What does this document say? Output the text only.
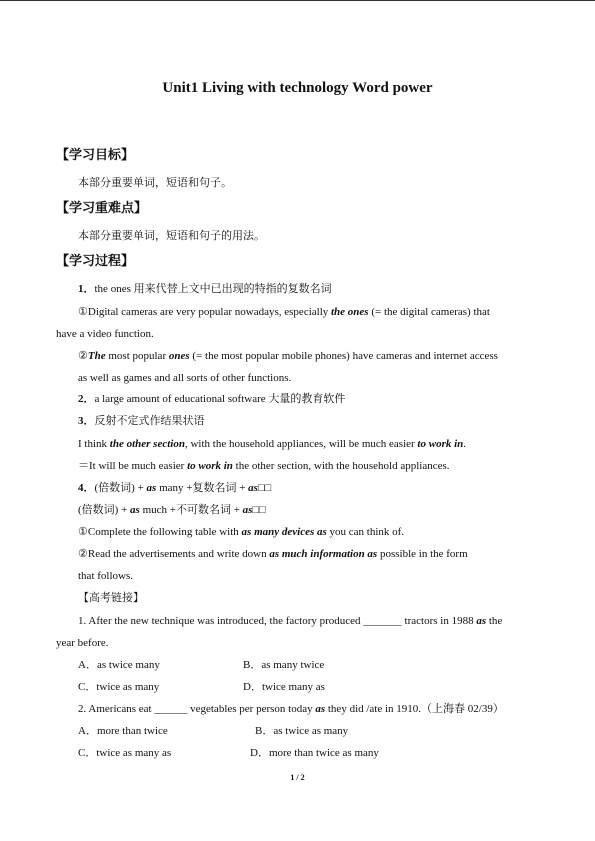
Unit1 Living with technology Word power
【学习目标】
本部分重要单词，短语和句子。
【学习重难点】
本部分重要单词，短语和句子的用法。
【学习过程】
1．the ones 用来代替上文中已出现的特指的复数名词
①Digital cameras are very popular nowadays, especially the ones (= the digital cameras) that
have a video function.
②The most popular ones (= the most popular mobile phones) have cameras and internet access
as well as games and all sorts of other functions.
2．a large amount of educational software 大量的教育软件
3．反射不定式作结果状语
I think the other section, with the household appliances, will be much easier to work in.
＝It will be much easier to work in the other section, with the household appliances.
4．(倍数词) + as many +复数名词 + as□□
(倍数词) + as much +不可数名词 + as□□
①Complete the following table with as many devices as you can think of.
②Read the advertisements and write down as much information as possible in the form
that follows.
【高考链接】
1. After the new technique was introduced, the factory produced _______ tractors in 1988 as the
year before.
A．as twice many	B．as many twice
C．twice as many	D．twice many as
2. Americans eat ______ vegetables per person today as they did /ate in 1910.（上海春 02/39）
A．more than twice	B．as twice as many
C．twice as many as	D．more than twice as many
1 / 2
